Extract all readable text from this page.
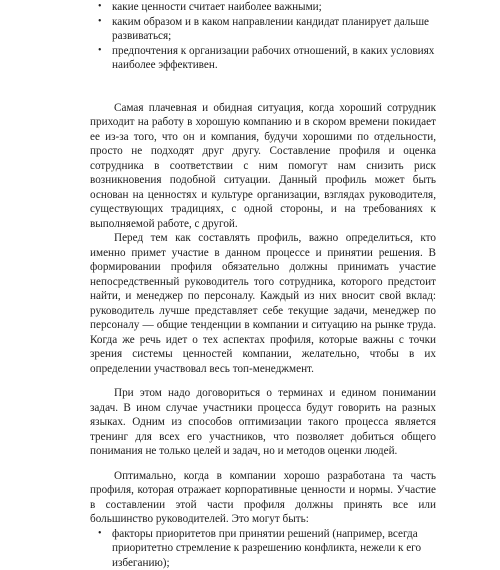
• какие ценности считает наиболее важными;
• каким образом и в каком направлении кандидат планирует дальше развиваться;
• предпочтения к организации рабочих отношений, в каких условиях наиболее эффективен.

Самая плачевная и обидная ситуация, когда хороший сотрудник приходит на работу в хорошую компанию и в скором времени покидает ее из-за того, что он и компания, будучи хорошими по отдельности, просто не подходят друг другу. Составление профиля и оценка сотрудника в соответствии с ним помогут нам снизить риск возникновения подобной ситуации. Данный профиль может быть основан на ценностях и культуре организации, взглядах руководителя, существующих традициях, с одной стороны, и на требованиях к выполняемой работе, с другой.

Перед тем как составлять профиль, важно определиться, кто именно примет участие в данном процессе и принятии решения. В формировании профиля обязательно должны принимать участие непосредственный руководитель того сотрудника, которого предстоит найти, и менеджер по персоналу. Каждый из них вносит свой вклад: руководитель лучше представляет себе текущие задачи, менеджер по персоналу — общие тенденции в компании и ситуацию на рынке труда. Когда же речь идет о тех аспектах профиля, которые важны с точки зрения системы ценностей компании, желательно, чтобы в их определении участвовал весь топ-менеджмент.

При этом надо договориться о терминах и едином понимании задач. В ином случае участники процесса будут говорить на разных языках. Одним из способов оптимизации такого процесса является тренинг для всех его участников, что позволяет добиться общего понимания не только целей и задач, но и методов оценки людей.

Оптимально, когда в компании хорошо разработана та часть профиля, которая отражает корпоративные ценности и нормы. Участие в составлении этой части профиля должны принять все или большинство руководителей. Это могут быть:

• факторы приоритетов при принятии решений (например, всегда приоритетно стремление к разрешению конфликта, нежели к его избеганию);
